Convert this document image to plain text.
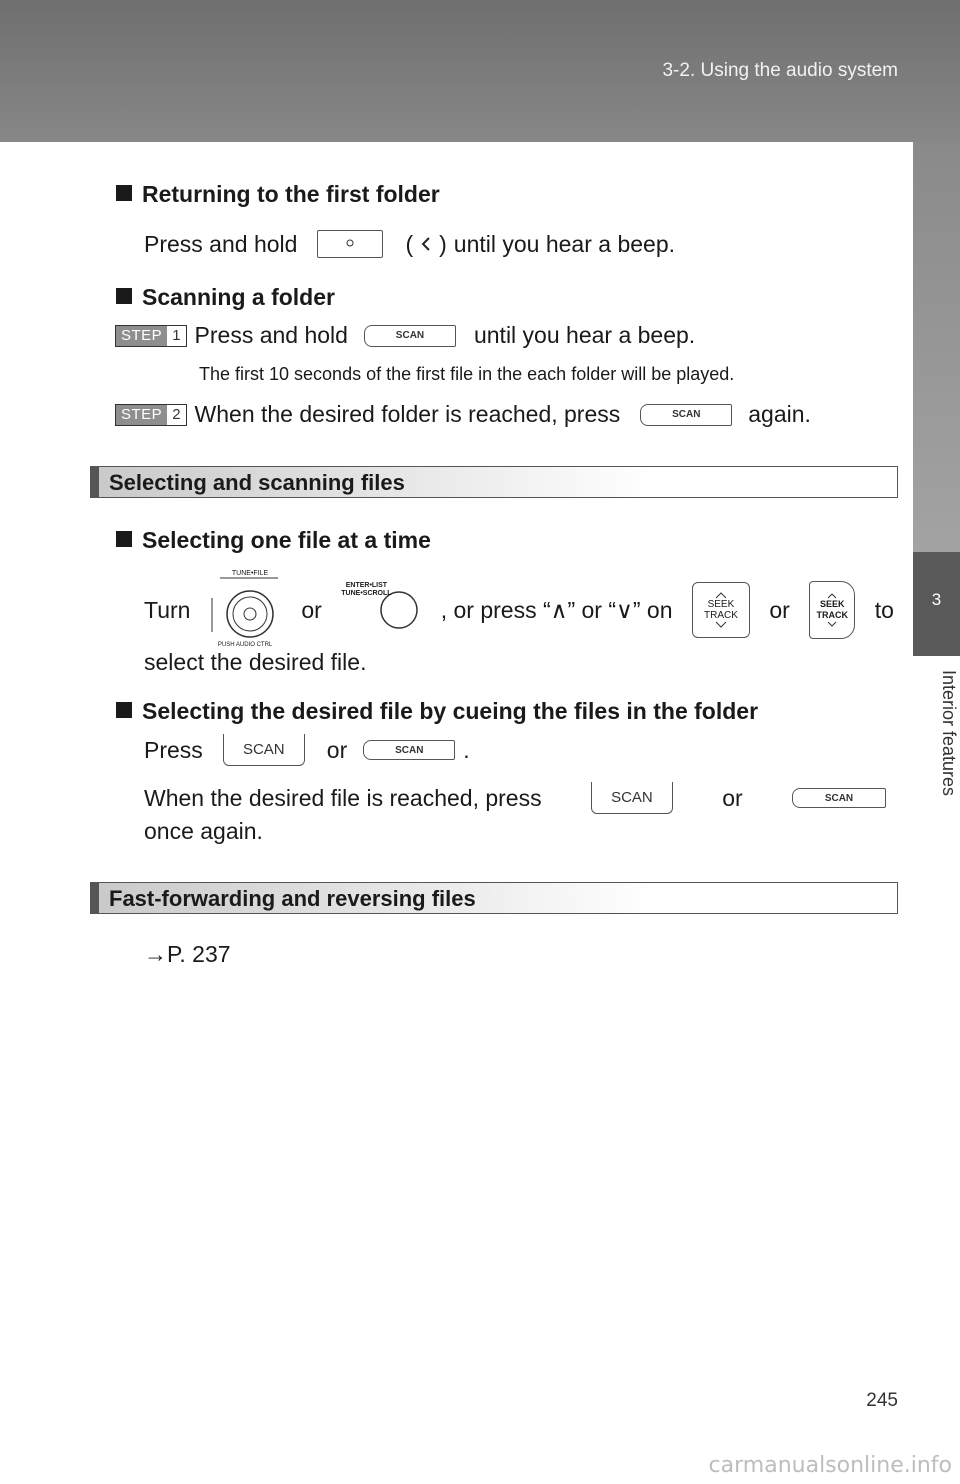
3-2. Using the audio system
3
Interior features
Returning to the first folder
Press and hold	( ) until you hear a beep.
Scanning a folder
STEP 1 Press and hold	SCAN	until you hear a beep.
The first 10 seconds of the first file in the each folder will be played.
STEP 2 When the desired folder is reached, press	SCAN	again.
Selecting and scanning files
Selecting one file at a time
Turn
TUNE•FILE
PUSH AUDIO CTRL
or
ENTER•LIST
TUNE•SCROLL
, or press “∧” or “∨” on	SEEK
TRACK or	SEEK
TRACK to
select the desired file.
Selecting the desired file by cueing the files in the folder
Press	SCAN	or	SCAN	.
When the desired file is reached, press	SCAN	or	SCAN
once again.
Fast-forwarding and reversing files
→P. 237
245
carmanualsonline.info
